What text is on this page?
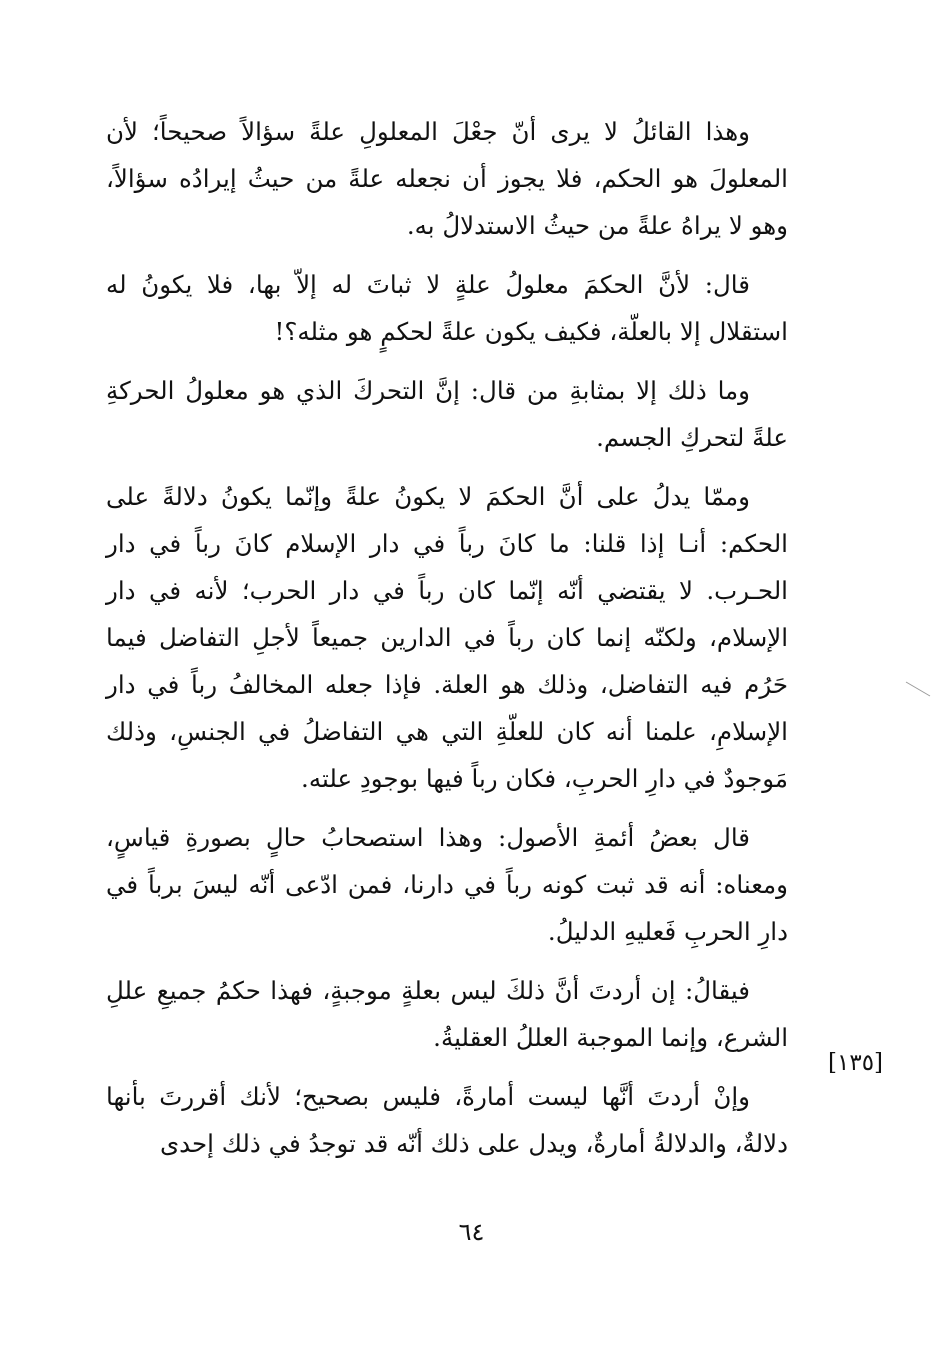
وهذا القائلُ لا يرى أنّ جعْلَ المعلولِ علةً سؤالاً صحيحاً؛ لأن المعلولَ هو الحكم، فلا يجوز أن نجعله علةً من حيثُ إيرادُه سؤالاً، وهو لا يراهُ علةً من حيثُ الاستدلالُ به.

قال: لأنَّ الحكمَ معلولُ علةٍ لا ثباتَ له إلاّ بها، فلا يكونُ له استقلال إلا بالعلّة، فكيف يكون علةً لحكمٍ هو مثله؟!

وما ذلك إلا بمثابةِ من قال: إنَّ التحركَ الذي هو معلولُ الحركةِ علةً لتحركِ الجسم.

وممّا يدلُ على أنَّ الحكمَ لا يكونُ علةً وإنّما يكونُ دلالةً على الحكم: أنـا إذا قلنا: ما كانَ رباً في دار الإسلام كانَ رباً في دار الحـرب. لا يقتضي أنّه إنّما كان رباً في دار الحرب؛ لأنه في دار الإسلام، ولكنّه إنما كان رباً في الدارين جميعاً لأجلِ التفاضل فيما حَرُم فيه التفاضل، وذلك هو العلة. فإذا جعله المخالفُ رباً في دار الإسلامِ، علمنا أنه كان للعلّةِ التي هي التفاضلُ في الجنسِ، وذلك مَوجودٌ في دارِ الحربِ، فكان رباً فيها بوجودِ علته.

قال بعضُ أئمةِ الأصول: وهذا استصحابُ حالٍ بصورةِ قياسٍ، ومعناه: أنه قد ثبت كونه رباً في دارنا، فمن ادّعى أنّه ليسَ برباً في دارِ الحربِ فَعليهِ الدليلُ.

فيقالُ: إن أردتَ أنَّ ذلكَ ليس بعلةٍ موجبةٍ، فهذا حكمُ جميعِ عللِ الشرع، وإنما الموجبة العللُ العقليةُ.

وإنْ أردتَ أنَّها ليست أمارةً، فليس بصحيح؛ لأنك أقررتَ بأنها دلالةٌ، والدلالةُ أمارةٌ، ويدل على ذلك أنّه قد توجدُ في ذلك إحدى

[١٣٥]
٦٤
